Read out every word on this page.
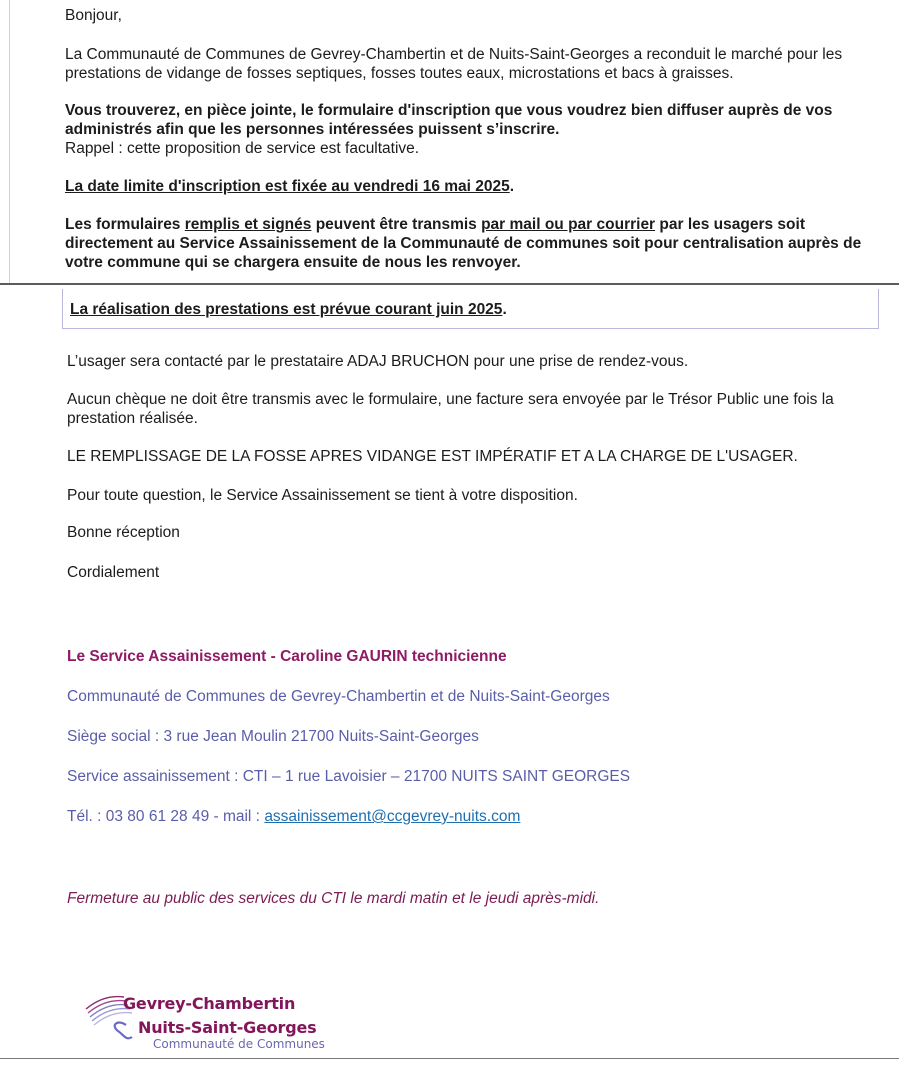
Bonjour,

La Communauté de Communes de Gevrey-Chambertin et de Nuits-Saint-Georges a reconduit le marché pour les prestations de vidange de fosses septiques, fosses toutes eaux, microstations et bacs à graisses.

Vous trouverez, en pièce jointe, le formulaire d'inscription que vous voudrez bien diffuser auprès de vos administrés afin que les personnes intéressées puissent s’inscrire.

Rappel : cette proposition de service est facultative.

La date limite d'inscription est fixée au vendredi 16 mai 2025.

Les formulaires remplis et signés peuvent être transmis par mail ou par courrier par les usagers soit directement au Service Assainissement de la Communauté de communes soit pour centralisation auprès de votre commune qui se chargera ensuite de nous les renvoyer.

La réalisation des prestations est prévue courant juin 2025.

L’usager sera contacté par le prestataire ADAJ BRUCHON pour une prise de rendez-vous.

Aucun chèque ne doit être transmis avec le formulaire, une facture sera envoyée par le Trésor Public une fois la prestation réalisée.

LE REMPLISSAGE DE LA FOSSE APRES VIDANGE EST IMPÉRATIF ET A LA CHARGE DE L'USAGER.

Pour toute question, le Service Assainissement se tient à votre disposition.

Bonne réception

Cordialement

Le Service Assainissement - Caroline GAURIN technicienne

Communauté de Communes de Gevrey-Chambertin et de Nuits-Saint-Georges

Siège social : 3 rue Jean Moulin 21700 Nuits-Saint-Georges

Service assainissement : CTI – 1 rue Lavoisier – 21700 NUITS SAINT GEORGES

Tél. : 03 80 61 28 49 - mail : assainissement@ccgevrey-nuits.com

Fermeture au public des services du CTI le mardi matin et le jeudi après-midi.

Gevrey-Chambertin
Nuits-Saint-Georges
Communauté de Communes
